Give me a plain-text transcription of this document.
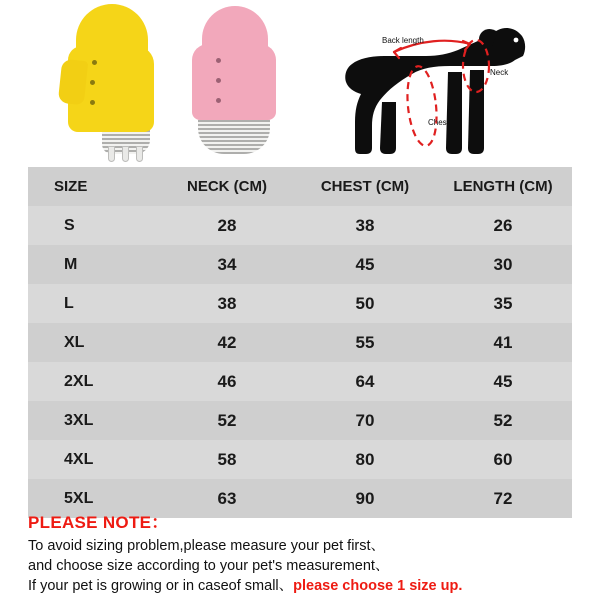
Back length
Neck
Chest
SIZE	NECK (CM)	CHEST (CM)	LENGTH (CM)
S	28	38	26
M	34	45	30
L	38	50	35
XL	42	55	41
2XL	46	64	45
3XL	52	70	52
4XL	58	80	60
5XL	63	90	72
PLEASE NOTE：
To avoid sizing problem,please measure your pet first、
and choose size according to your pet's measurement、
If your pet is growing or in caseof small、please choose 1 size up.
